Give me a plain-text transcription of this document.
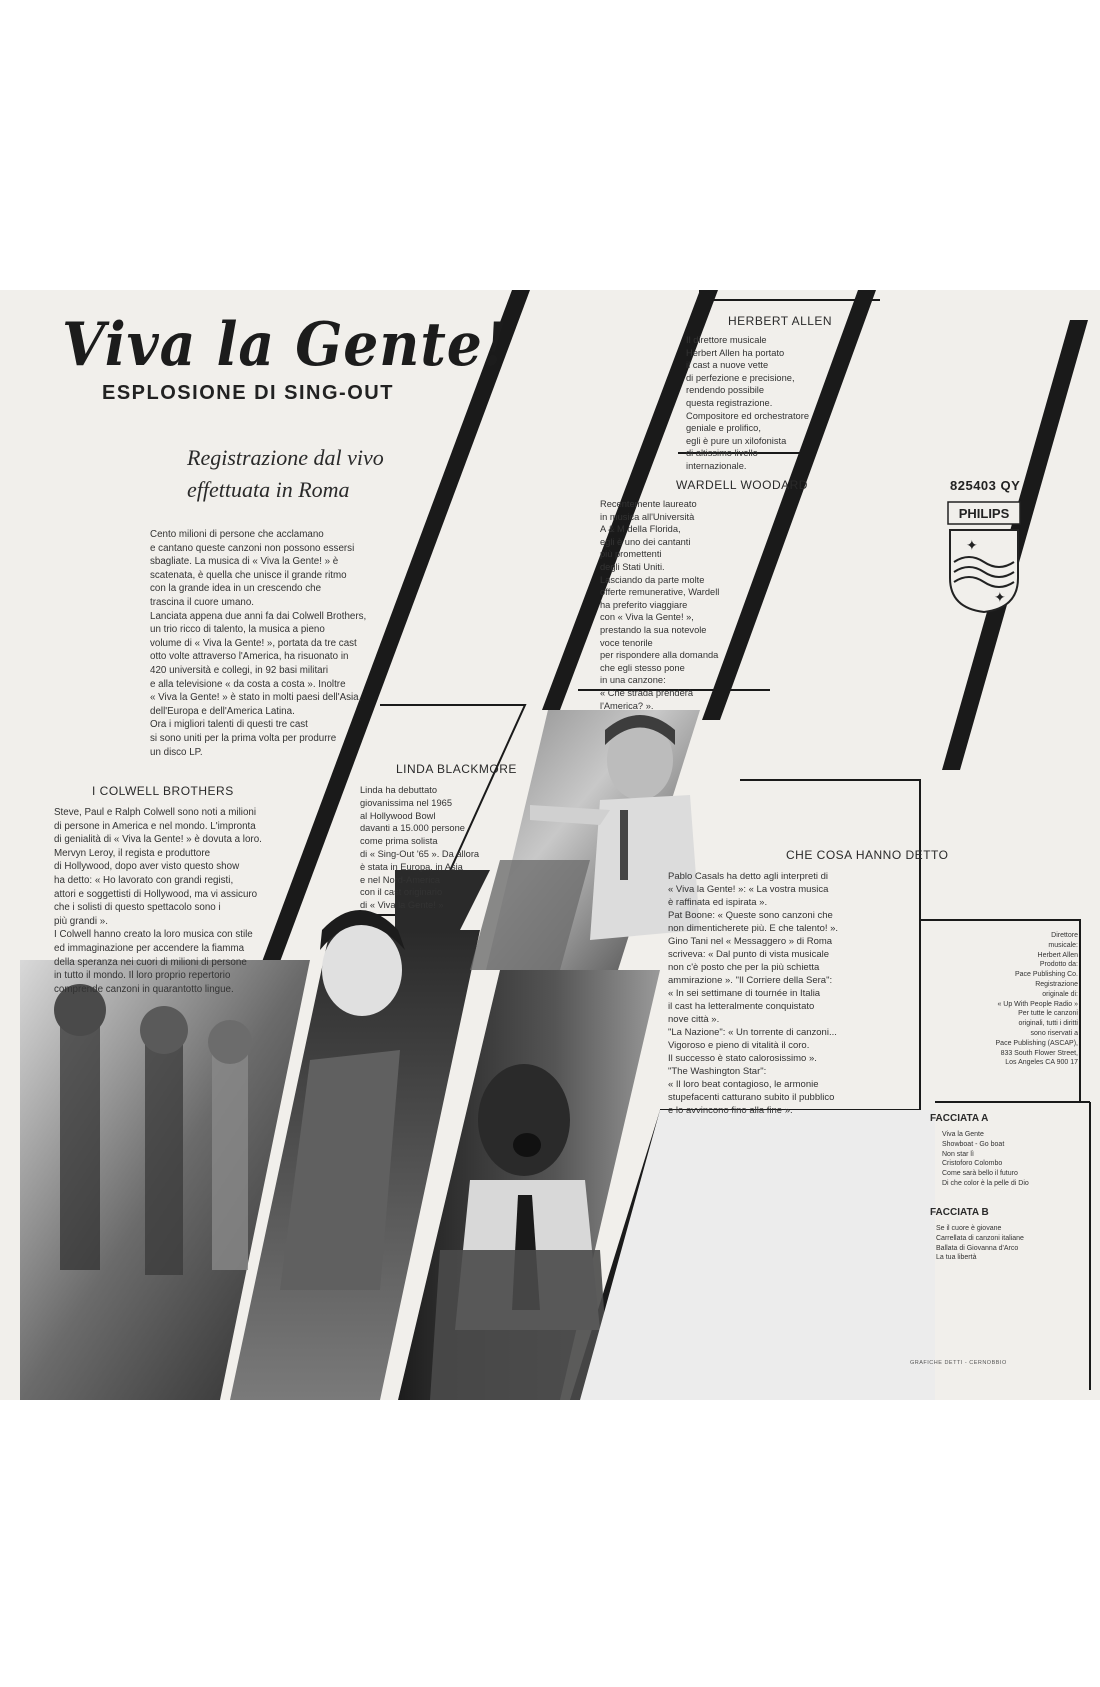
Viva la Gente!
ESPLOSIONE DI SING-OUT
Registrazione dal vivo
effettuata in Roma
Cento milioni di persone che acclamano
e cantano queste canzoni non possono essersi
sbagliate. La musica di « Viva la Gente! » è
scatenata, è quella che unisce il grande ritmo
con la grande idea in un crescendo che
trascina il cuore umano.
Lanciata appena due anni fa dai Colwell Brothers,
un trio ricco di talento, la musica a pieno
volume di « Viva la Gente! », portata da tre cast
otto volte attraverso l'America, ha risuonato in
420 università e collegi, in 92 basi militari
e alla televisione « da costa a costa ». Inoltre
« Viva la Gente! » è stato in molti paesi dell'Asia,
dell'Europa e dell'America Latina.
Ora i migliori talenti di questi tre cast
si sono uniti per la prima volta per produrre
un disco LP.
I COLWELL BROTHERS
Steve, Paul e Ralph Colwell sono noti a milioni
di persone in America e nel mondo. L'impronta
di genialità di « Viva la Gente! » è dovuta a loro.
Mervyn Leroy, il regista e produttore
di Hollywood, dopo aver visto questo show
ha detto: « Ho lavorato con grandi registi,
attori e soggettisti di Hollywood, ma vi assicuro
che i solisti di questo spettacolo sono i
più grandi ».
I Colwell hanno creato la loro musica con stile
ed immaginazione per accendere la fiamma
della speranza nei cuori di milioni di persone
in tutto il mondo. Il loro proprio repertorio
comprende canzoni in quarantotto lingue.
LINDA BLACKMORE
Linda ha debuttato
giovanissima nel 1965
al Hollywood Bowl
davanti a 15.000 persone
come prima solista
di « Sing-Out '65 ». Da allora
è stata in Europa, in Asia
e nel Nord-America
con il cast originario
di « Viva la Gente! »
HERBERT ALLEN
Il direttore musicale
Herbert Allen ha portato
il cast a nuove vette
di perfezione e precisione,
rendendo possibile
questa registrazione.
Compositore ed orchestratore
geniale e prolifico,
egli è pure un xilofonista
di altissimo livello
internazionale.
WARDELL WOODARD
Recentemente laureato
in musica all'Università
A & M della Florida,
egli è uno dei cantanti
più promettenti
degli Stati Uniti.
Lasciando da parte molte
offerte remunerative, Wardell
ha preferito viaggiare
con « Viva la Gente! »,
prestando la sua notevole
voce tenorile
per rispondere alla domanda
che egli stesso pone
in una canzone:
« Che strada prenderà
l'America? ».
CHE COSA HANNO DETTO
Pablo Casals ha detto agli interpreti di
« Viva la Gente! »: « La vostra musica
è raffinata ed ispirata ».
Pat Boone: « Queste sono canzoni che
non dimenticherete più. E che talento! ».
Gino Tani nel « Messaggero » di Roma
scriveva: « Dal punto di vista musicale
non c'è posto che per la più schietta
ammirazione ». "Il Corriere della Sera":
« In sei settimane di tournée in Italia
il cast ha letteralmente conquistato
nove città ».
"La Nazione": « Un torrente di canzoni...
Vigoroso e pieno di vitalità il coro.
Il successo è stato calorosissimo ».
"The Washington Star":
« Il loro beat contagioso, le armonie
stupefacenti catturano subito il pubblico
e lo avvincono fino alla fine ».
825403 QY
PHILIPS
✦
✦
Direttore
musicale:
Herbert Allen
Prodotto da:
Pace Publishing Co.
Registrazione
originale di:
« Up With People Radio »
Per tutte le canzoni
originali, tutti i diritti
sono riservati a
Pace Publishing (ASCAP),
833 South Flower Street,
Los Angeles CA 900 17
FACCIATA A
Viva la Gente
Showboat - Go boat
Non star lì
Cristoforo Colombo
Come sarà bello il futuro
Di che color è la pelle di Dio
FACCIATA B
Se il cuore è giovane
Carrellata di canzoni italiane
Ballata di Giovanna d'Arco
La tua libertà
GRAFICHE DETTI - CERNOBBIO
